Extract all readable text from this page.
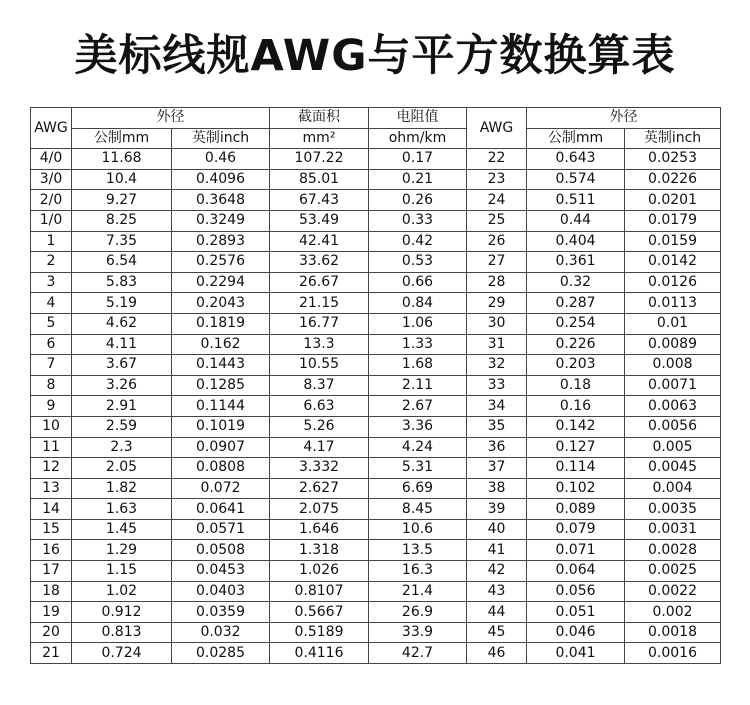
美标线规AWG与平方数换算表
AWG	外径		截面积	电阻值	AWG	外径	
	公制mm	英制inch	mm²	ohm/km		公制mm	英制inch
4/0	11.68	0.46	107.22	0.17	22	0.643	0.0253
3/0	10.4	0.4096	85.01	0.21	23	0.574	0.0226
2/0	9.27	0.3648	67.43	0.26	24	0.511	0.0201
1/0	8.25	0.3249	53.49	0.33	25	0.44	0.0179
1	7.35	0.2893	42.41	0.42	26	0.404	0.0159
2	6.54	0.2576	33.62	0.53	27	0.361	0.0142
3	5.83	0.2294	26.67	0.66	28	0.32	0.0126
4	5.19	0.2043	21.15	0.84	29	0.287	0.0113
5	4.62	0.1819	16.77	1.06	30	0.254	0.01
6	4.11	0.162	13.3	1.33	31	0.226	0.0089
7	3.67	0.1443	10.55	1.68	32	0.203	0.008
8	3.26	0.1285	8.37	2.11	33	0.18	0.0071
9	2.91	0.1144	6.63	2.67	34	0.16	0.0063
10	2.59	0.1019	5.26	3.36	35	0.142	0.0056
11	2.3	0.0907	4.17	4.24	36	0.127	0.005
12	2.05	0.0808	3.332	5.31	37	0.114	0.0045
13	1.82	0.072	2.627	6.69	38	0.102	0.004
14	1.63	0.0641	2.075	8.45	39	0.089	0.0035
15	1.45	0.0571	1.646	10.6	40	0.079	0.0031
16	1.29	0.0508	1.318	13.5	41	0.071	0.0028
17	1.15	0.0453	1.026	16.3	42	0.064	0.0025
18	1.02	0.0403	0.8107	21.4	43	0.056	0.0022
19	0.912	0.0359	0.5667	26.9	44	0.051	0.002
20	0.813	0.032	0.5189	33.9	45	0.046	0.0018
21	0.724	0.0285	0.4116	42.7	46	0.041	0.0016
